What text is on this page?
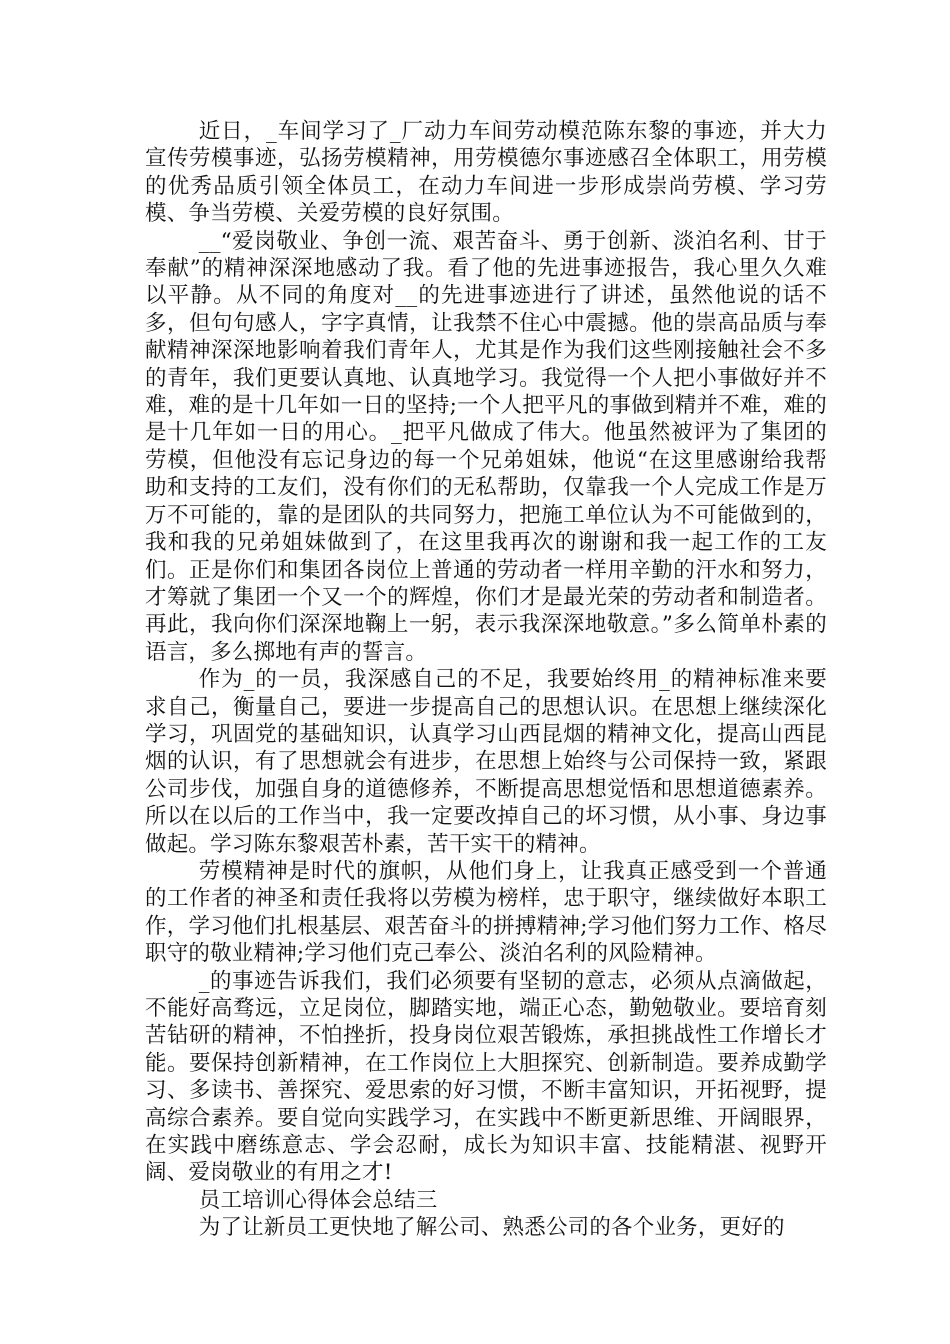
近日，_车间学习了_厂动力车间劳动模范陈东黎的事迹，并大力宣传劳模事迹，弘扬劳模精神，用劳模德尔事迹感召全体职工，用劳模的优秀品质引领全体员工，在动力车间进一步形成崇尚劳模、学习劳模、争当劳模、关爱劳模的良好氛围。

__“爱岗敬业、争创一流、艰苦奋斗、勇于创新、淡泊名利、甘于奉献”的精神深深地感动了我。看了他的先进事迹报告，我心里久久难以平静。从不同的角度对__的先进事迹进行了讲述，虽然他说的话不多，但句句感人，字字真情，让我禁不住心中震撼。他的崇高品质与奉献精神深深地影响着我们青年人，尤其是作为我们这些刚接触社会不多的青年，我们更要认真地、认真地学习。我觉得一个人把小事做好并不难，难的是十几年如一日的坚持;一个人把平凡的事做到精并不难，难的是十几年如一日的用心。_把平凡做成了伟大。他虽然被评为了集团的劳模，但他没有忘记身边的每一个兄弟姐妹，他说“在这里感谢给我帮助和支持的工友们，没有你们的无私帮助，仅靠我一个人完成工作是万万不可能的，靠的是团队的共同努力，把施工单位认为不可能做到的，我和我的兄弟姐妹做到了，在这里我再次的谢谢和我一起工作的工友们。正是你们和集团各岗位上普通的劳动者一样用辛勤的汗水和努力，才筹就了集团一个又一个的辉煌，你们才是最光荣的劳动者和制造者。再此，我向你们深深地鞠上一躬，表示我深深地敬意。”多么简单朴素的语言，多么掷地有声的誓言。

作为_的一员，我深感自己的不足，我要始终用_的精神标准来要求自己，衡量自己，要进一步提高自己的思想认识。在思想上继续深化学习，巩固党的基础知识，认真学习山西昆烟的精神文化，提高山西昆烟的认识，有了思想就会有进步，在思想上始终与公司保持一致，紧跟公司步伐，加强自身的道德修养，不断提高思想觉悟和思想道德素养。所以在以后的工作当中，我一定要改掉自己的坏习惯，从小事、身边事做起。学习陈东黎艰苦朴素，苦干实干的精神。

劳模精神是时代的旗帜，从他们身上，让我真正感受到一个普通的工作者的神圣和责任我将以劳模为榜样，忠于职守，继续做好本职工作，学习他们扎根基层、艰苦奋斗的拼搏精神;学习他们努力工作、格尽职守的敬业精神;学习他们克己奉公、淡泊名利的风险精神。

_的事迹告诉我们，我们必须要有坚韧的意志，必须从点滴做起，不能好高骛远，立足岗位，脚踏实地，端正心态，勤勉敬业。要培育刻苦钻研的精神，不怕挫折，投身岗位艰苦锻炼，承担挑战性工作增长才能。要保持创新精神，在工作岗位上大胆探究、创新制造。要养成勤学习、多读书、善探究、爱思索的好习惯，不断丰富知识，开拓视野，提高综合素养。要自觉向实践学习，在实践中不断更新思维、开阔眼界，在实践中磨练意志、学会忍耐，成长为知识丰富、技能精湛、视野开阔、爱岗敬业的有用之才!

员工培训心得体会总结三

为了让新员工更快地了解公司、熟悉公司的各个业务，更好的
